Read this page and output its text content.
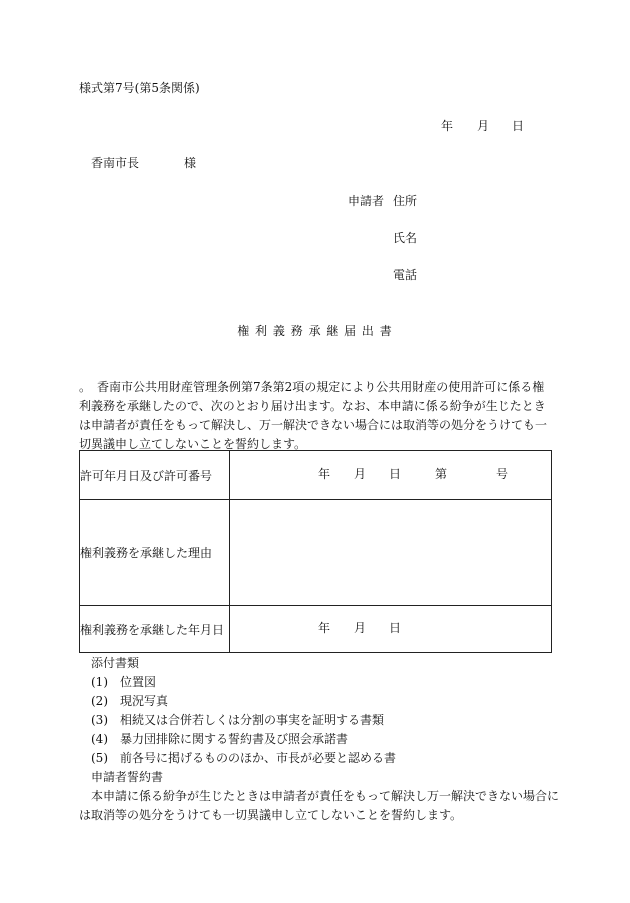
様式第7号(第5条関係)
年 月 日
香南市長	様
申請者 住所
氏名
電話
権 利 義 務 承 継 届 出 書
。　香南市公共用財産管理条例第7条第2項の規定により公共用財産の使用許可に係る権利義務を承継したので、次のとおり届け出ます。なお、本申請に係る紛争が生じたときは申請者が責任をもって解決し、万一解決できない場合には取消等の処分をうけても一切異議申し立てしないことを誓約します。
許可年月日及び許可番号	年 月 日 第 号

権利義務を承継した理由	
権利義務を承継した年月日	年 月 日
添付書類
(1)　位置図
(2)　現況写真
(3)　相続又は合併若しくは分割の事実を証明する書類
(4)　暴力団排除に関する誓約書及び照会承諾書
(5)　前各号に掲げるもののほか、市長が必要と認める書
申請者誓約書
本申請に係る紛争が生じたときは申請者が責任をもって解決し万一解決できない場合に
は取消等の処分をうけても一切異議申し立てしないことを誓約します。
